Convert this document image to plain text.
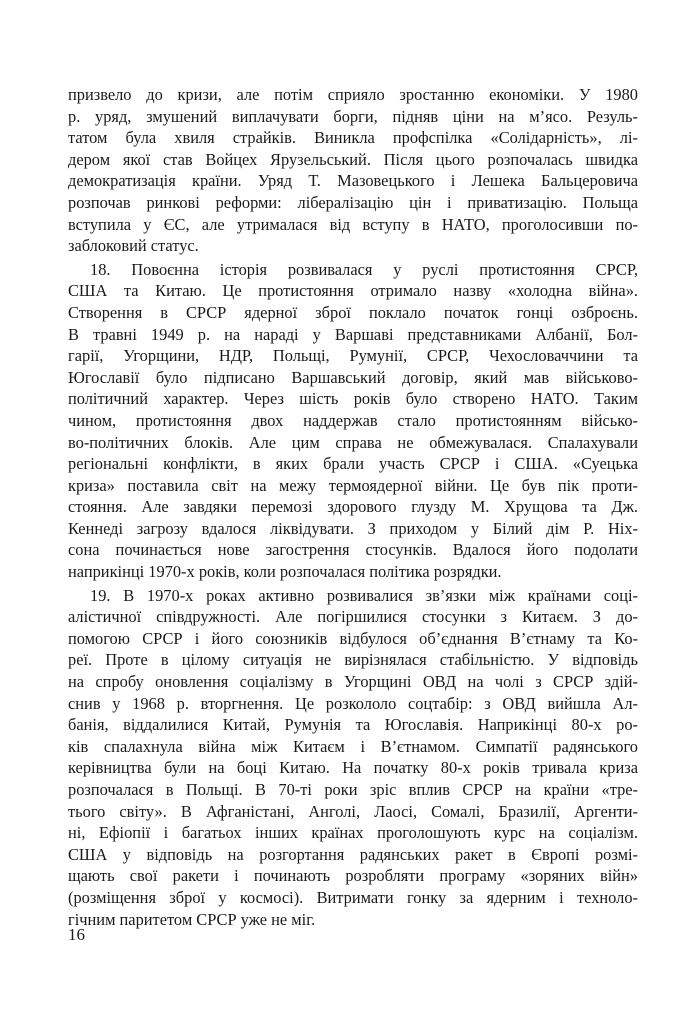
призвело до кризи, але потім сприяло зростанню економіки. У 1980
р. уряд, змушений виплачувати борги, підняв ціни на м’ясо. Резуль-
татом була хвиля страйків. Виникла профспілка «Солідарність», лі-
дером якої став Войцех Ярузельський. Після цього розпочалась швидка
демократизація країни. Уряд Т. Мазовецького і Лешека Бальцеровича
розпочав ринкові реформи: лібералізацію цін і приватизацію. Польща
вступила у ЄС, але утрималася від вступу в НАТО, проголосивши по-
заблоковий статус.
18. Повоєнна історія розвивалася у руслі протистояння СРСР,
США та Китаю. Це протистояння отримало назву «холодна війна».
Створення в СРСР ядерної зброї поклало початок гонці озброєнь.
В травні 1949 р. на нараді у Варшаві представниками Албанії, Бол-
гарії, Угорщини, НДР, Польщі, Румунії, СРСР, Чехословаччини та
Югославії було підписано Варшавський договір, який мав військово-
політичний характер. Через шість років було створено НАТО. Таким
чином, протистояння двох наддержав стало протистоянням військо-
во-політичних блоків. Але цим справа не обмежувалася. Спалахували
регіональні конфлікти, в яких брали участь СРСР і США. «Суецька
криза» поставила світ на межу термоядерної війни. Це був пік проти-
стояння. Але завдяки перемозі здорового глузду М. Хрущова та Дж.
Кеннеді загрозу вдалося ліквідувати. З приходом у Білий дім Р. Ніх-
сона починається нове загострення стосунків. Вдалося його подолати
наприкінці 1970-х років, коли розпочалася політика розрядки.
19. В 1970-х роках активно розвивалися зв’язки між країнами соці-
алістичної співдружності. Але погіршилися стосунки з Китаєм. З до-
помогою СРСР і його союзників відбулося об’єднання В’єтнаму та Ко-
реї. Проте в цілому ситуація не вирізнялася стабільністю. У відповідь
на спробу оновлення соціалізму в Угорщині ОВД на чолі з СРСР здій-
снив у 1968 р. вторгнення. Це розкололо соцтабір: з ОВД вийшла Ал-
банія, віддалилися Китай, Румунія та Югославія. Наприкінці 80-х ро-
ків спалахнула війна між Китаєм і В’єтнамом. Симпатії радянського
керівництва були на боці Китаю. На початку 80-х років тривала криза
розпочалася в Польщі. В 70-ті роки зріс вплив СРСР на країни «тре-
тього світу». В Афганістані, Анголі, Лаосі, Сомалі, Бразилії, Аргенти-
ні, Ефіопії і багатьох інших країнах проголошують курс на соціалізм.
США у відповідь на розгортання радянських ракет в Європі розмі-
щають свої ракети і починають розробляти програму «зоряних війн»
(розміщення зброї у космосі). Витримати гонку за ядерним і техноло-
гічним паритетом СРСР уже не міг.
16
